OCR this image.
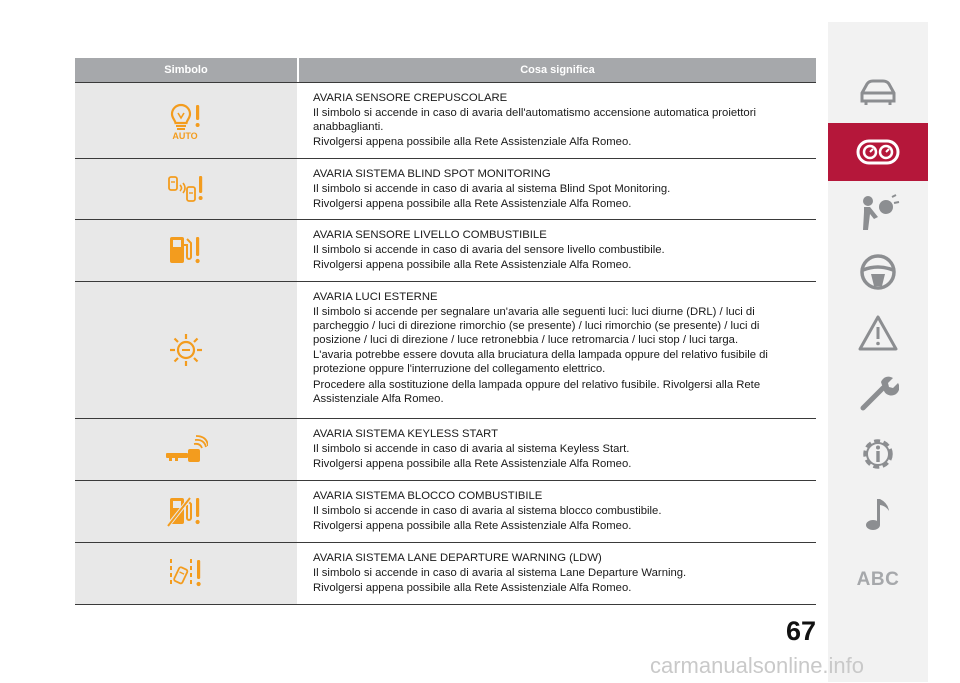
Simbolo	Cosa significa
AUTO

AVARIA SENSORE CREPUSCOLARE

Il simbolo si accende in caso di avaria dell'automatismo accensione automatica proiettori anabbaglianti.

Rivolgersi appena possibile alla Rete Assistenziale Alfa Romeo.

AVARIA SISTEMA BLIND SPOT MONITORING

Il simbolo si accende in caso di avaria al sistema Blind Spot Monitoring.

Rivolgersi appena possibile alla Rete Assistenziale Alfa Romeo.

AVARIA SENSORE LIVELLO COMBUSTIBILE

Il simbolo si accende in caso di avaria del sensore livello combustibile.

Rivolgersi appena possibile alla Rete Assistenziale Alfa Romeo.

AVARIA LUCI ESTERNE

Il simbolo si accende per segnalare un'avaria alle seguenti luci: luci diurne (DRL) / luci di parcheggio / luci di direzione rimorchio (se presente) / luci rimorchio (se presente) / luci di posizione / luci di direzione / luce retronebbia / luce retromarcia / luci stop / luci targa.

L'avaria potrebbe essere dovuta alla bruciatura della lampada oppure del relativo fusibile di protezione oppure l'interruzione del collegamento elettrico.

Procedere alla sostituzione della lampada oppure del relativo fusibile. Rivolgersi alla Rete Assistenziale Alfa Romeo.

AVARIA SISTEMA KEYLESS START

Il simbolo si accende in caso di avaria al sistema Keyless Start.

Rivolgersi appena possibile alla Rete Assistenziale Alfa Romeo.

AVARIA SISTEMA BLOCCO COMBUSTIBILE

Il simbolo si accende in caso di avaria al sistema blocco combustibile.

Rivolgersi appena possibile alla Rete Assistenziale Alfa Romeo.

AVARIA SISTEMA LANE DEPARTURE WARNING (LDW)

Il simbolo si accende in caso di avaria al sistema Lane Departure Warning.

Rivolgersi appena possibile alla Rete Assistenziale Alfa Romeo.	ABC
67
carmanualsonline.info
